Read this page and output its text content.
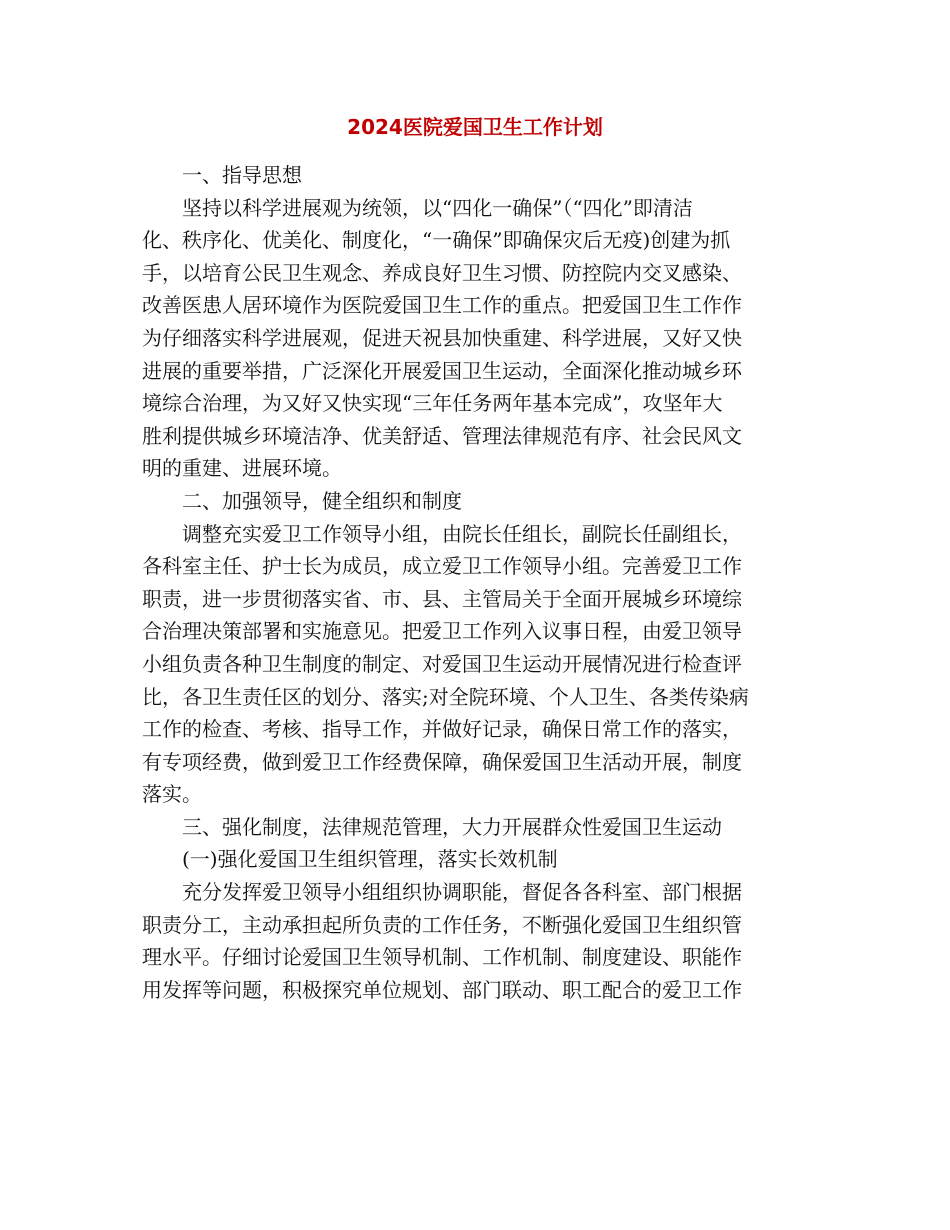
2024医院爱国卫生工作计划

一、指导思想

坚持以科学进展观为统领，以“四化一确保”（“四化”即清洁
化、秩序化、优美化、制度化，“一确保”即确保灾后无疫)创建为抓
手，以培育公民卫生观念、养成良好卫生习惯、防控院内交叉感染、
改善医患人居环境作为医院爱国卫生工作的重点。把爱国卫生工作作
为仔细落实科学进展观，促进天祝县加快重建、科学进展，又好又快
进展的重要举措，广泛深化开展爱国卫生运动，全面深化推动城乡环
境综合治理，为又好又快实现“三年任务两年基本完成”，攻坚年大
胜利提供城乡环境洁净、优美舒适、管理法律规范有序、社会民风文
明的重建、进展环境。

二、加强领导，健全组织和制度

调整充实爱卫工作领导小组，由院长任组长，副院长任副组长，
各科室主任、护士长为成员，成立爱卫工作领导小组。完善爱卫工作
职责，进一步贯彻落实省、市、县、主管局关于全面开展城乡环境综
合治理决策部署和实施意见。把爱卫工作列入议事日程，由爱卫领导
小组负责各种卫生制度的制定、对爱国卫生运动开展情况进行检查评
比，各卫生责任区的划分、落实;对全院环境、个人卫生、各类传染病
工作的检查、考核、指导工作，并做好记录，确保日常工作的落实，
有专项经费，做到爱卫工作经费保障，确保爱国卫生活动开展，制度
落实。

三、强化制度，法律规范管理，大力开展群众性爱国卫生运动

(一)强化爱国卫生组织管理，落实长效机制

充分发挥爱卫领导小组组织协调职能，督促各各科室、部门根据
职责分工，主动承担起所负责的工作任务，不断强化爱国卫生组织管
理水平。仔细讨论爱国卫生领导机制、工作机制、制度建设、职能作
用发挥等问题，积极探究单位规划、部门联动、职工配合的爱卫工作
